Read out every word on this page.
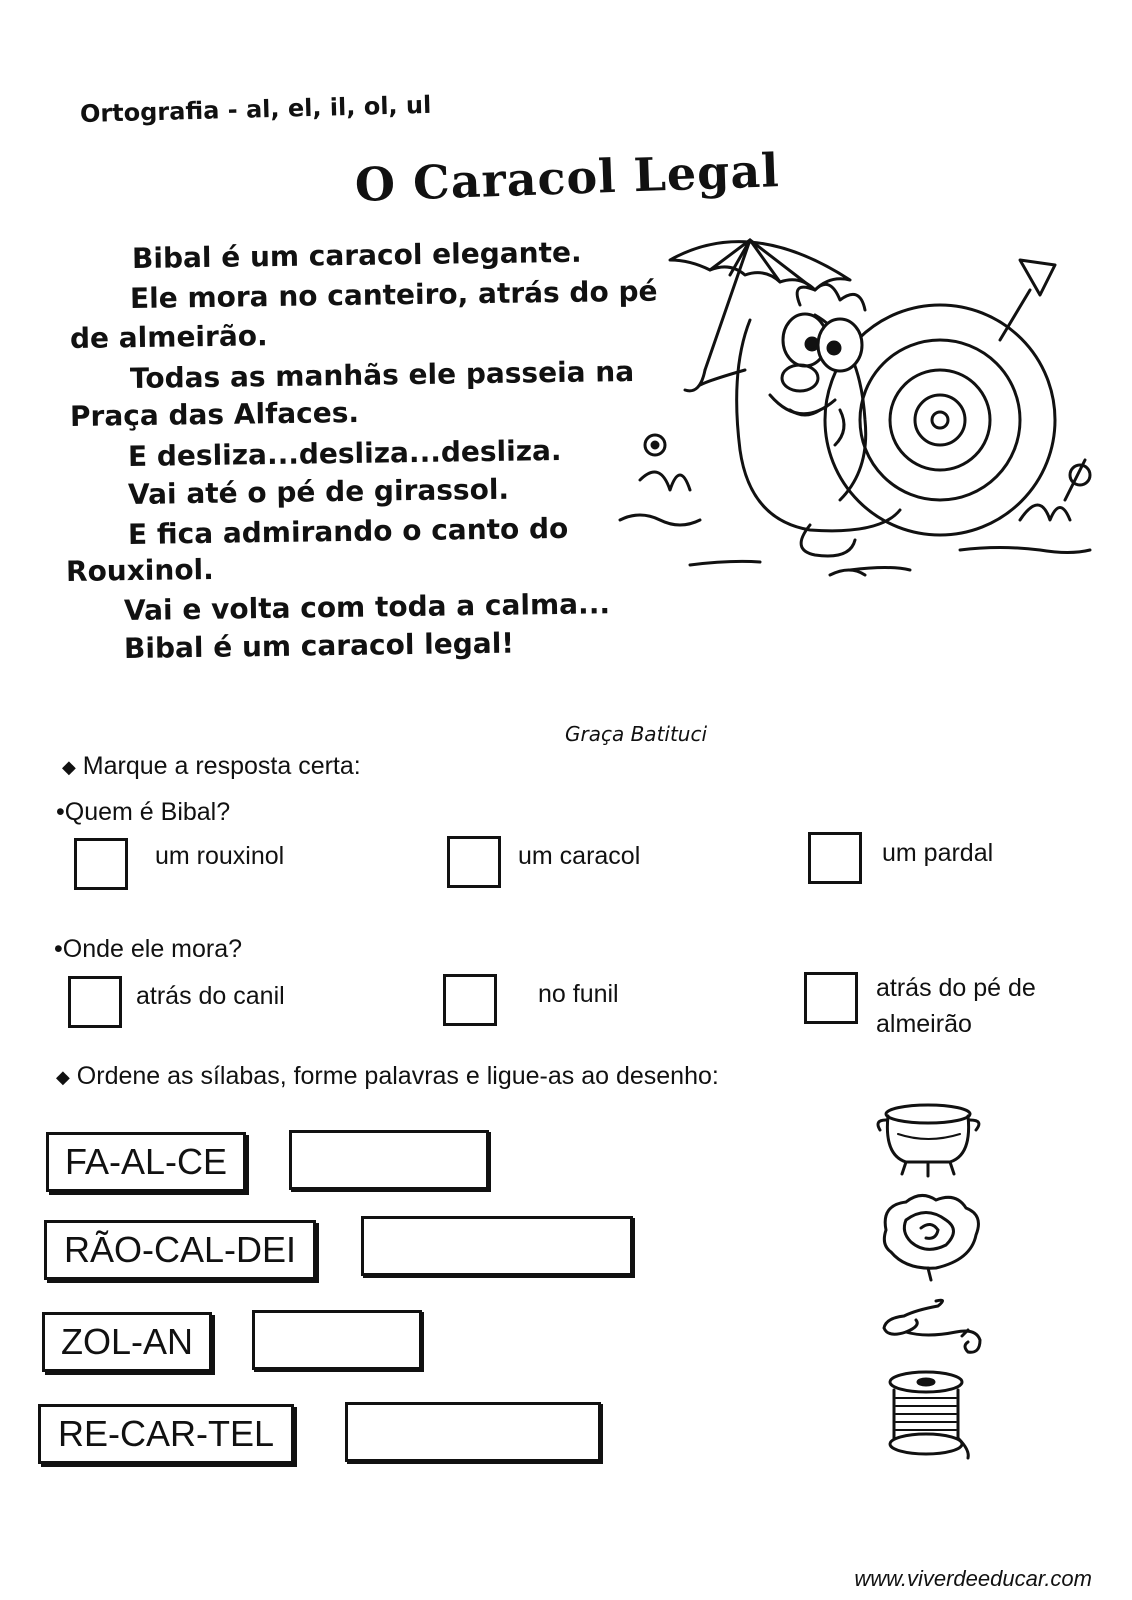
Ortografia - al, el, il, ol, ul
O Caracol Legal
Bibal é um caracol elegante.
Ele mora no canteiro, atrás do pé
de almeirão.
Todas as manhãs ele passeia na
Praça das Alfaces.
E desliza...desliza...desliza.
Vai até o pé de girassol.
E fica admirando o canto do
Rouxinol.
Vai e volta com toda a calma...
Bibal é um caracol legal!
Graça Batituci
◆ Marque a resposta certa:
•Quem é Bibal?
um rouxinol	um caracol	um pardal
•Onde ele mora?
atrás do canil	no funil	atrás do pé de almeirão
◆ Ordene as sílabas, forme palavras e ligue-as ao desenho:
FA-AL-CE
RÃO-CAL-DEI
ZOL-AN
RE-CAR-TEL
www.viverdeeducar.com
